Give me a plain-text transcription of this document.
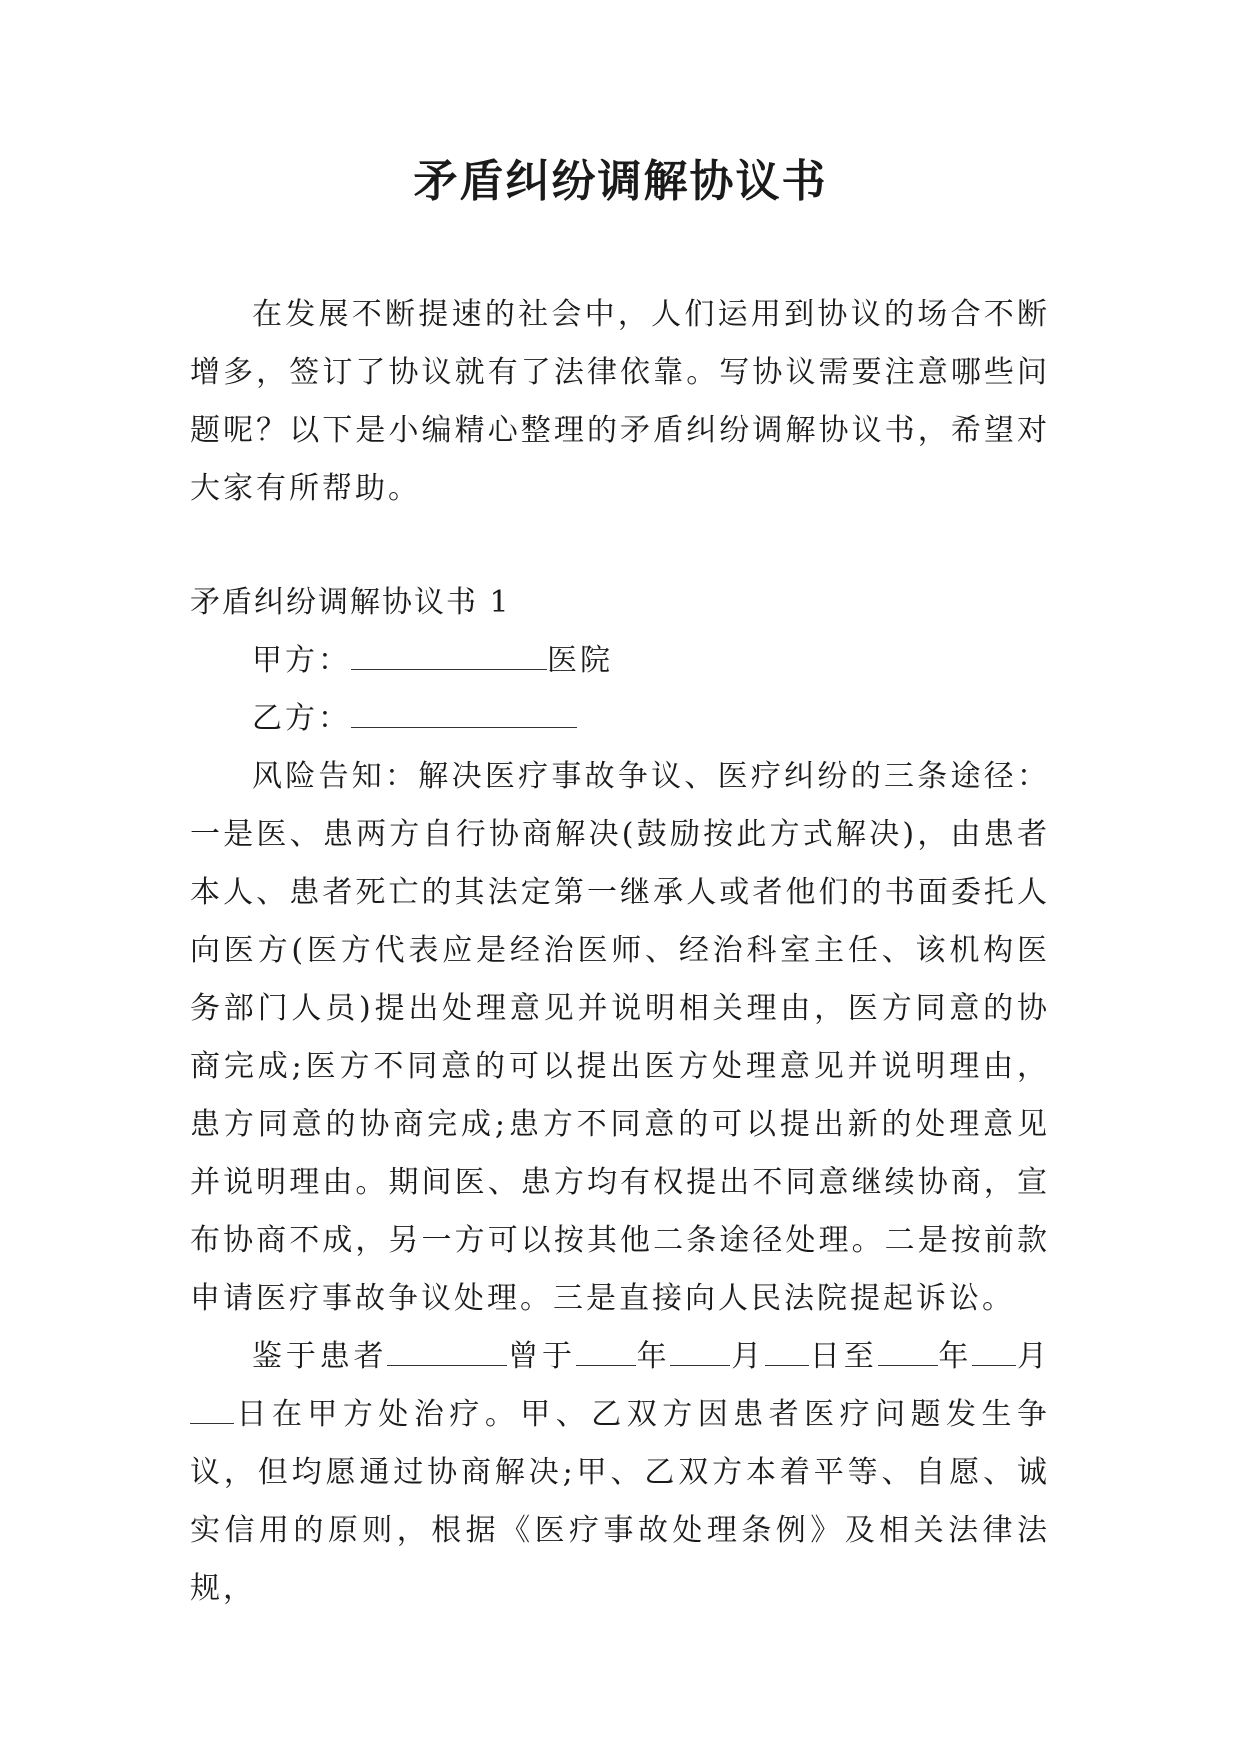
矛盾纠纷调解协议书

在发展不断提速的社会中，人们运用到协议的场合不断增多，签订了协议就有了法律依靠。写协议需要注意哪些问题呢？以下是小编精心整理的矛盾纠纷调解协议书，希望对大家有所帮助。

矛盾纠纷调解协议书 1

甲方：	医院

乙方：

风险告知：解决医疗事故争议、医疗纠纷的三条途径：一是医、患两方自行协商解决(鼓励按此方式解决)，由患者本人、患者死亡的其法定第一继承人或者他们的书面委托人向医方(医方代表应是经治医师、经治科室主任、该机构医务部门人员)提出处理意见并说明相关理由，医方同意的协商完成;医方不同意的可以提出医方处理意见并说明理由，患方同意的协商完成;患方不同意的可以提出新的处理意见并说明理由。期间医、患方均有权提出不同意继续协商，宣布协商不成，另一方可以按其他二条途径处理。二是按前款申请医疗事故争议处理。三是直接向人民法院提起诉讼。

鉴于患者	曾于 年 月 日至 年 月日在甲方处治疗。甲、乙双方因患者医疗问题发生争议，但均愿通过协商解决;甲、乙双方本着平等、自愿、诚实信用的原则，根据《医疗事故处理条例》及相关法律法规，
